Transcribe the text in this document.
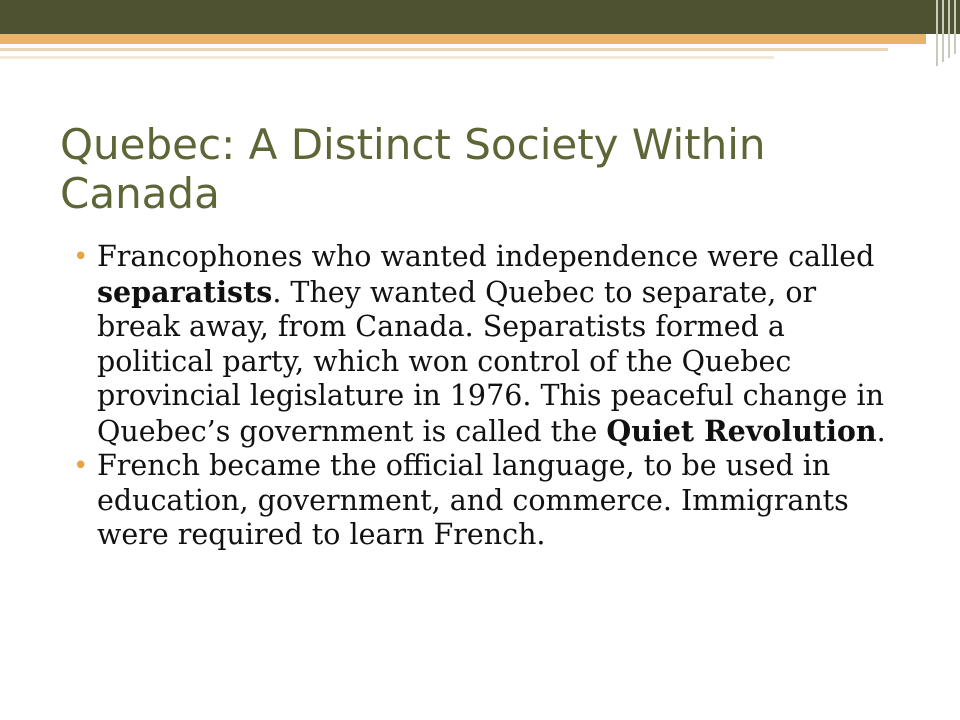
Quebec: A Distinct Society Within Canada
• Francophones who wanted independence were called separatists. They wanted Quebec to separate, or break away, from Canada. Separatists formed a political party, which won control of the Quebec provincial legislature in 1976. This peaceful change in Quebec’s government is called the Quiet Revolution.
• French became the official language, to be used in education, government, and commerce. Immigrants were required to learn French.
